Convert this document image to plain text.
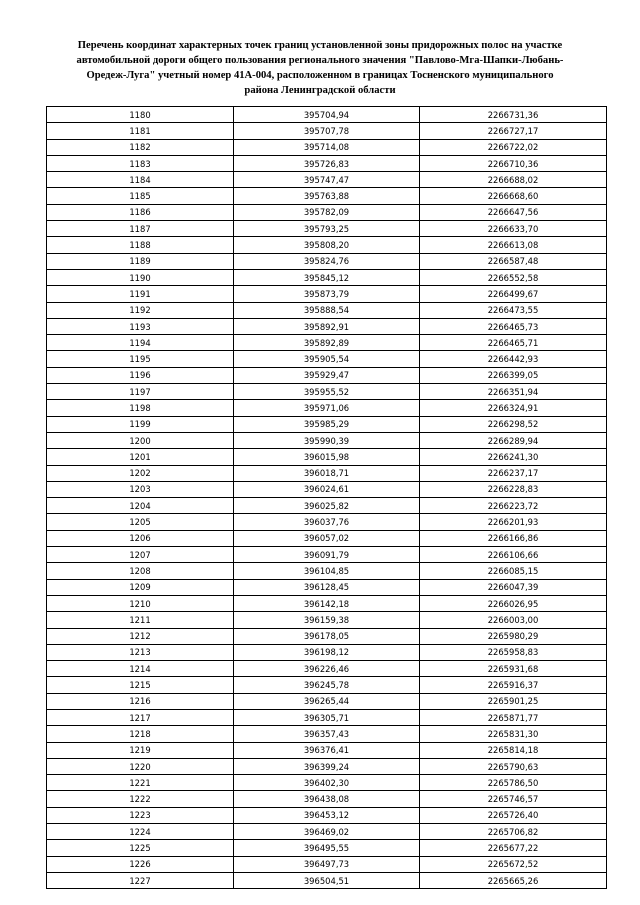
Перечень координат характерных точек границ установленной зоны придорожных полос на участке
автомобильной дороги общего пользования регионального значения "Павлово-Мга-Шапки-Любань-
Оредеж-Луга" учетный номер 41А-004, расположенном в границах Тосненского муниципального
района Ленинградской области
1180	395704,94	2266731,36
1181	395707,78	2266727,17
1182	395714,08	2266722,02
1183	395726,83	2266710,36
1184	395747,47	2266688,02
1185	395763,88	2266668,60
1186	395782,09	2266647,56
1187	395793,25	2266633,70
1188	395808,20	2266613,08
1189	395824,76	2266587,48
1190	395845,12	2266552,58
1191	395873,79	2266499,67
1192	395888,54	2266473,55
1193	395892,91	2266465,73
1194	395892,89	2266465,71
1195	395905,54	2266442,93
1196	395929,47	2266399,05
1197	395955,52	2266351,94
1198	395971,06	2266324,91
1199	395985,29	2266298,52
1200	395990,39	2266289,94
1201	396015,98	2266241,30
1202	396018,71	2266237,17
1203	396024,61	2266228,83
1204	396025,82	2266223,72
1205	396037,76	2266201,93
1206	396057,02	2266166,86
1207	396091,79	2266106,66
1208	396104,85	2266085,15
1209	396128,45	2266047,39
1210	396142,18	2266026,95
1211	396159,38	2266003,00
1212	396178,05	2265980,29
1213	396198,12	2265958,83
1214	396226,46	2265931,68
1215	396245,78	2265916,37
1216	396265,44	2265901,25
1217	396305,71	2265871,77
1218	396357,43	2265831,30
1219	396376,41	2265814,18
1220	396399,24	2265790,63
1221	396402,30	2265786,50
1222	396438,08	2265746,57
1223	396453,12	2265726,40
1224	396469,02	2265706,82
1225	396495,55	2265677,22
1226	396497,73	2265672,52
1227	396504,51	2265665,26
